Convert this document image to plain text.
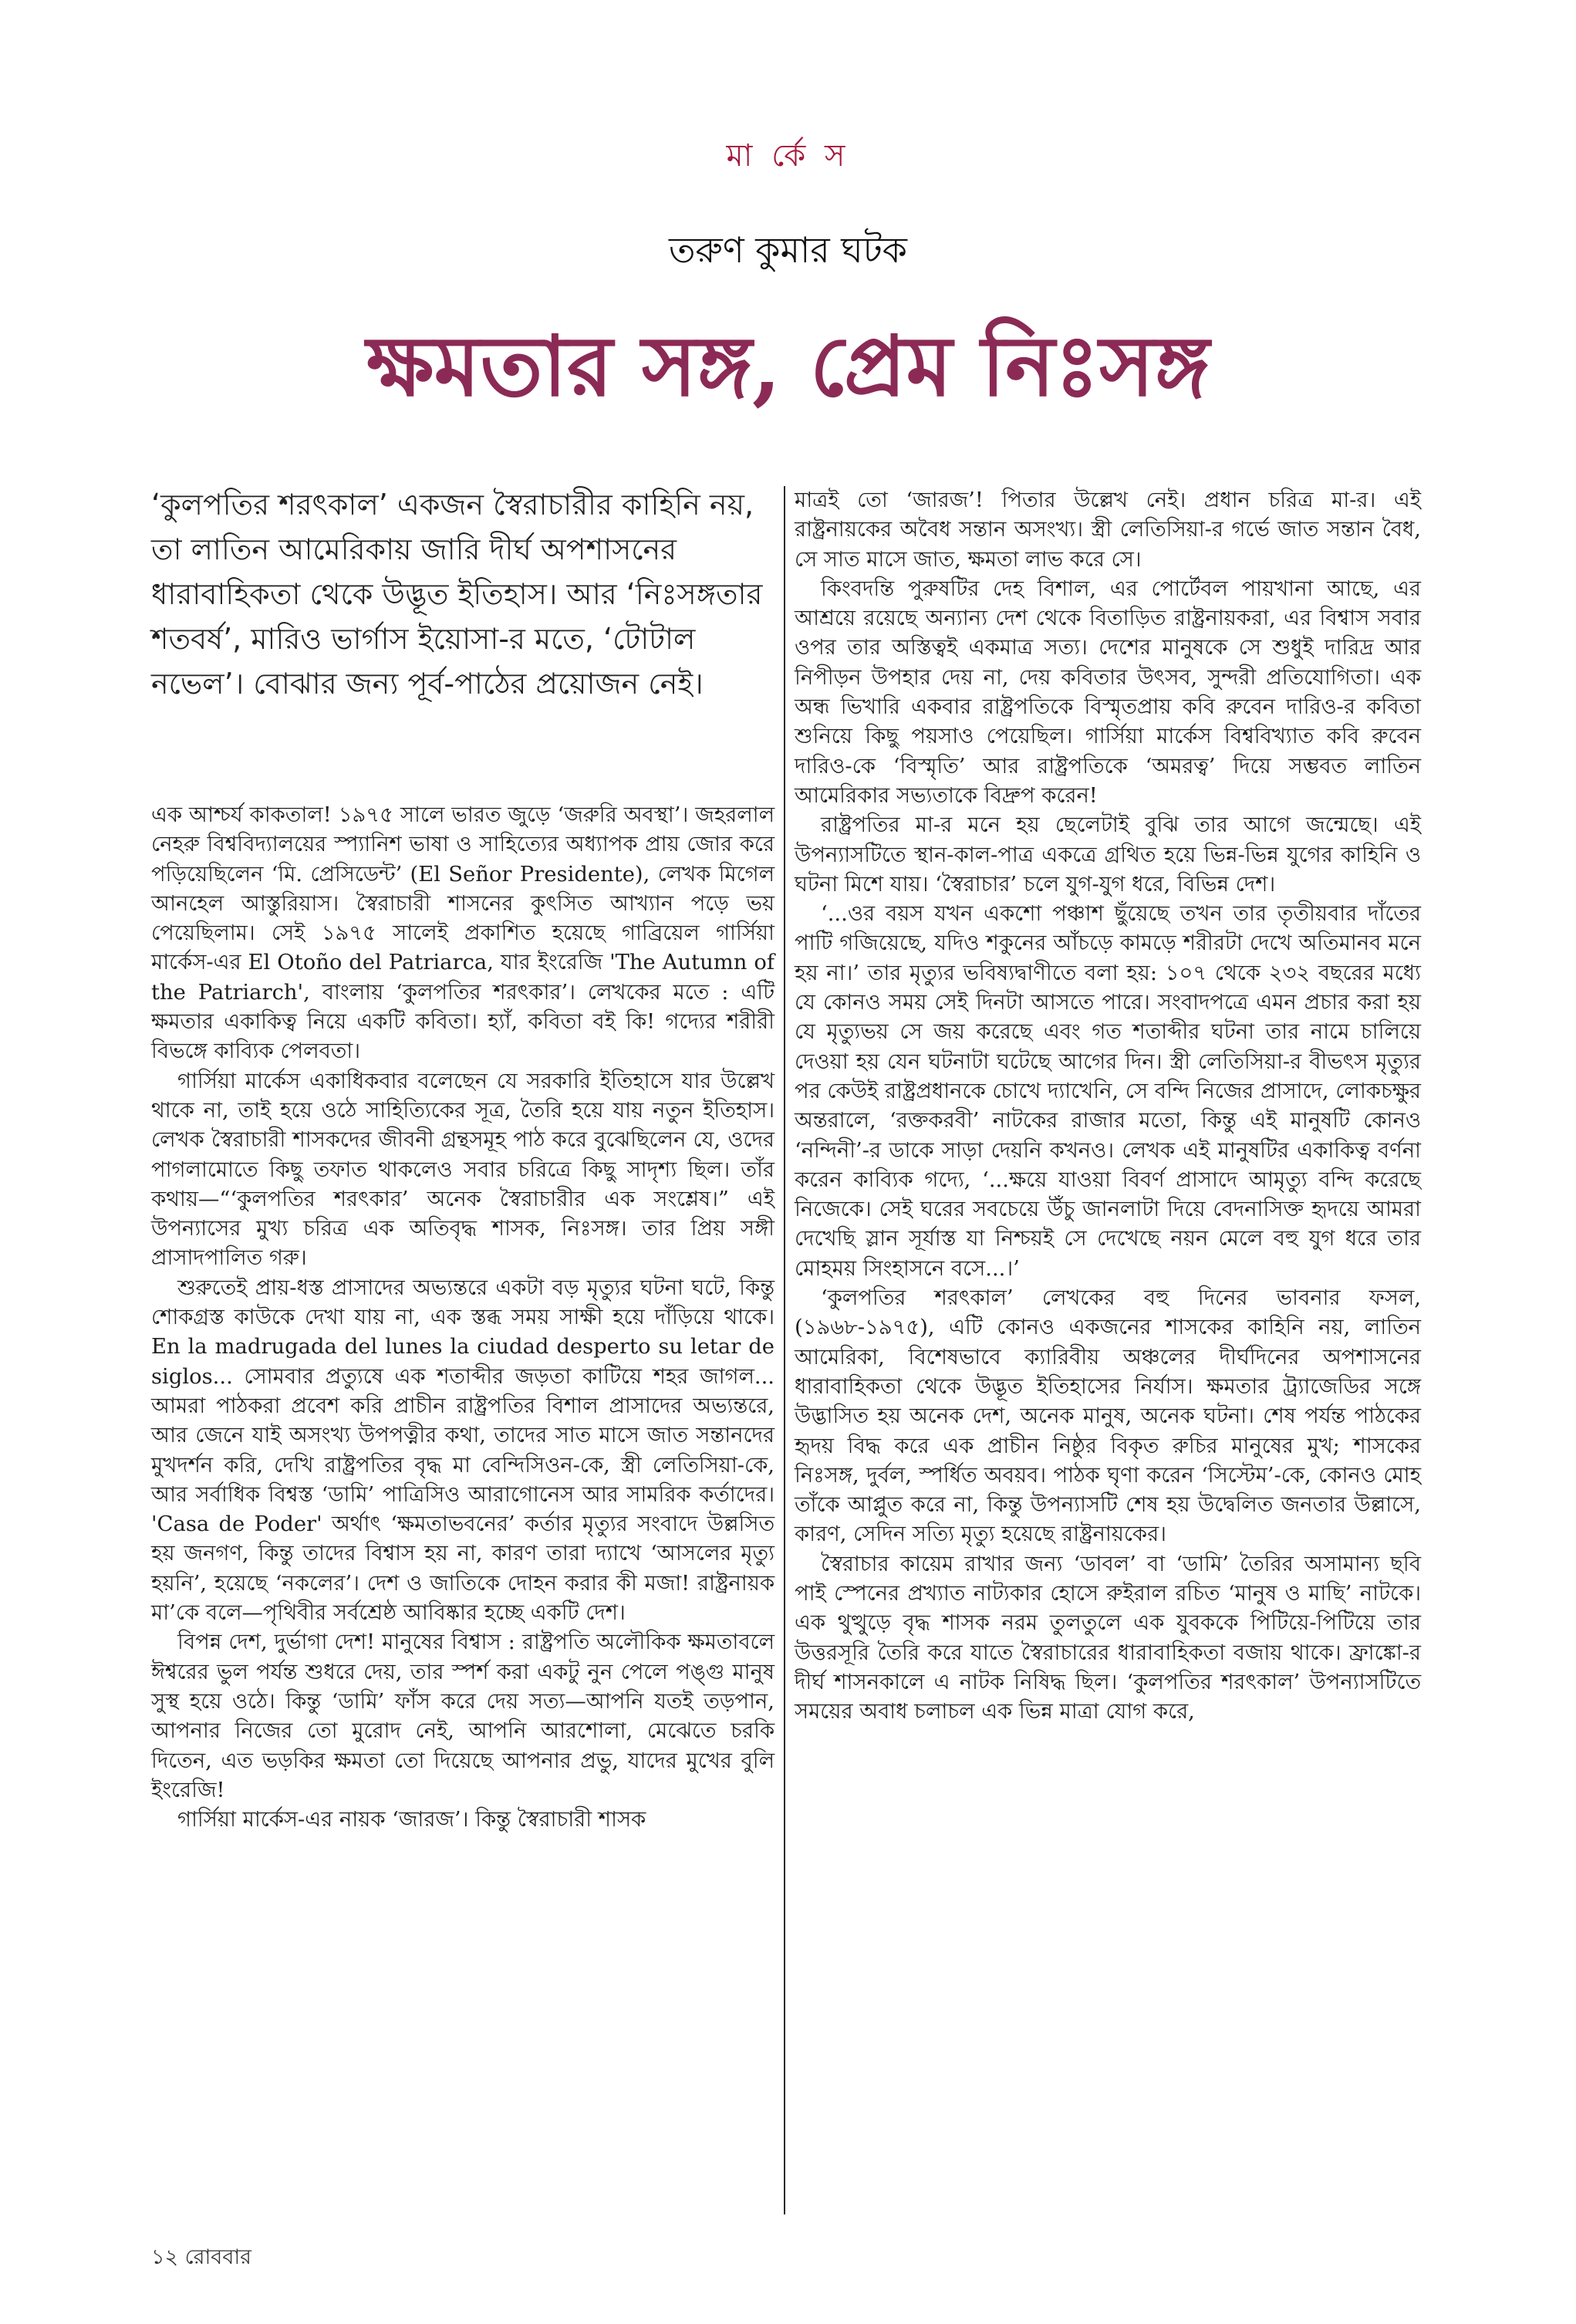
মা র্কে স
তরুণ কুমার ঘটক
ক্ষমতার সঙ্গ, প্রেম নিঃসঙ্গ
‘কুলপতির শরৎকাল’ একজন স্বৈরাচারীর কাহিনি নয়, তা লাতিন আমেরিকায় জারি দীর্ঘ অপশাসনের ধারাবাহিকতা থেকে উদ্ভূত ইতিহাস। আর ‘নিঃসঙ্গতার শতবর্ষ’, মারিও ভার্গাস ইয়োসা-র মতে, ‘টোটাল নভেল’। বোঝার জন্য পূর্ব-পাঠের প্রয়োজন নেই।

এক আশ্চর্য কাকতাল! ১৯৭৫ সালে ভারত জুড়ে ‘জরুরি অবস্থা’। জহরলাল নেহরু বিশ্ববিদ্যালয়ের স্প্যানিশ ভাষা ও সাহিত্যের অধ্যাপক প্রায় জোর করে পড়িয়েছিলেন ‘মি. প্রেসিডেন্ট’ (El Señor Presidente), লেখক মিগেল আনহেল আস্তুরিয়াস। স্বৈরাচারী শাসনের কুৎসিত আখ্যান পড়ে ভয় পেয়েছিলাম। সেই ১৯৭৫ সালেই প্রকাশিত হয়েছে গাব্রিয়েল গার্সিয়া মার্কেস-এর El Otoño del Patriarca, যার ইংরেজি 'The Autumn of the Patriarch', বাংলায় ‘কুলপতির শরৎকার’। লেখকের মতে : এটি ক্ষমতার একাকিত্ব নিয়ে একটি কবিতা। হ্যাঁ, কবিতা বই কি! গদ্যের শরীরী বিভঙ্গে কাব্যিক পেলবতা।

গার্সিয়া মার্কেস একাধিকবার বলেছেন যে সরকারি ইতিহাসে যার উল্লেখ থাকে না, তাই হয়ে ওঠে সাহিত্যিকের সূত্র, তৈরি হয়ে যায় নতুন ইতিহাস। লেখক স্বৈরাচারী শাসকদের জীবনী গ্রন্থসমূহ পাঠ করে বুঝেছিলেন যে, ওদের পাগলামোতে কিছু তফাত থাকলেও সবার চরিত্রে কিছু সাদৃশ্য ছিল। তাঁর কথায়—“‘কুলপতির শরৎকার’ অনেক স্বৈরাচারীর এক সংশ্লেষ।” এই উপন্যাসের মুখ্য চরিত্র এক অতিবৃদ্ধ শাসক, নিঃসঙ্গ। তার প্রিয় সঙ্গী প্রাসাদপালিত গরু।

শুরুতেই প্রায়-ধস্ত প্রাসাদের অভ্যন্তরে একটা বড় মৃত্যুর ঘটনা ঘটে, কিন্তু শোকগ্রস্ত কাউকে দেখা যায় না, এক স্তব্ধ সময় সাক্ষী হয়ে দাঁড়িয়ে থাকে। En la madrugada del lunes la ciudad desperto su letar de siglos... সোমবার প্রত্যুষে এক শতাব্দীর জড়তা কাটিয়ে শহর জাগল... আমরা পাঠকরা প্রবেশ করি প্রাচীন রাষ্ট্রপতির বিশাল প্রাসাদের অভ্যন্তরে, আর জেনে যাই অসংখ্য উপপত্নীর কথা, তাদের সাত মাসে জাত সন্তানদের মুখদর্শন করি, দেখি রাষ্ট্রপতির বৃদ্ধ মা বেন্দিসিওন-কে, স্ত্রী লেতিসিয়া-কে, আর সর্বাধিক বিশ্বস্ত ‘ডামি’ পাত্রিসিও আরাগোনেস আর সামরিক কর্তাদের। 'Casa de Poder' অর্থাৎ ‘ক্ষমতাভবনের’ কর্তার মৃত্যুর সংবাদে উল্লসিত হয় জনগণ, কিন্তু তাদের বিশ্বাস হয় না, কারণ তারা দ্যাখে ‘আসলের মৃত্যু হয়নি’, হয়েছে ‘নকলের’। দেশ ও জাতিকে দোহন করার কী মজা! রাষ্ট্রনায়ক মা’কে বলে—পৃথিবীর সর্বশ্রেষ্ঠ আবিষ্কার হচ্ছে একটি দেশ।

বিপন্ন দেশ, দুর্ভাগা দেশ! মানুষের বিশ্বাস : রাষ্ট্রপতি অলৌকিক ক্ষমতাবলে ঈশ্বরের ভুল পর্যন্ত শুধরে দেয়, তার স্পর্শ করা একটু নুন পেলে পঙ্গু মানুষ সুস্থ হয়ে ওঠে। কিন্তু ‘ডামি’ ফাঁস করে দেয় সত্য—আপনি যতই তড়পান, আপনার নিজের তো মুরোদ নেই, আপনি আরশোলা, মেঝেতে চরকি দিতেন, এত ভড়কির ক্ষমতা তো দিয়েছে আপনার প্রভু, যাদের মুখের বুলি ইংরেজি!

গার্সিয়া মার্কেস-এর নায়ক ‘জারজ’। কিন্তু স্বৈরাচারী শাসক

মাত্রই তো ‘জারজ’! পিতার উল্লেখ নেই। প্রধান চরিত্র মা-র। এই রাষ্ট্রনায়কের অবৈধ সন্তান অসংখ্য। স্ত্রী লেতিসিয়া-র গর্ভে জাত সন্তান বৈধ, সে সাত মাসে জাত, ক্ষমতা লাভ করে সে।

কিংবদন্তি পুরুষটির দেহ বিশাল, এর পোর্টেবল পায়খানা আছে, এর আশ্রয়ে রয়েছে অন্যান্য দেশ থেকে বিতাড়িত রাষ্ট্রনায়করা, এর বিশ্বাস সবার ওপর তার অস্তিত্বই একমাত্র সত্য। দেশের মানুষকে সে শুধুই দারিদ্র আর নিপীড়ন উপহার দেয় না, দেয় কবিতার উৎসব, সুন্দরী প্রতিযোগিতা। এক অন্ধ ভিখারি একবার রাষ্ট্রপতিকে বিস্মৃতপ্রায় কবি রুবেন দারিও-র কবিতা শুনিয়ে কিছু পয়সাও পেয়েছিল। গার্সিয়া মার্কেস বিশ্ববিখ্যাত কবি রুবেন দারিও-কে ‘বিস্মৃতি’ আর রাষ্ট্রপতিকে ‘অমরত্ব’ দিয়ে সম্ভবত লাতিন আমেরিকার সভ্যতাকে বিদ্রুপ করেন!

রাষ্ট্রপতির মা-র মনে হয় ছেলেটাই বুঝি তার আগে জন্মেছে। এই উপন্যাসটিতে স্থান-কাল-পাত্র একত্রে গ্রথিত হয়ে ভিন্ন-ভিন্ন যুগের কাহিনি ও ঘটনা মিশে যায়। ‘স্বৈরাচার’ চলে যুগ-যুগ ধরে, বিভিন্ন দেশ।

‘...ওর বয়স যখন একশো পঞ্চাশ ছুঁয়েছে তখন তার তৃতীয়বার দাঁতের পাটি গজিয়েছে, যদিও শকুনের আঁচড়ে কামড়ে শরীরটা দেখে অতিমানব মনে হয় না।’ তার মৃত্যুর ভবিষ্যদ্বাণীতে বলা হয়: ১০৭ থেকে ২৩২ বছরের মধ্যে যে কোনও সময় সেই দিনটা আসতে পারে। সংবাদপত্রে এমন প্রচার করা হয় যে মৃত্যুভয় সে জয় করেছে এবং গত শতাব্দীর ঘটনা তার নামে চালিয়ে দেওয়া হয় যেন ঘটনাটা ঘটেছে আগের দিন। স্ত্রী লেতিসিয়া-র বীভৎস মৃত্যুর পর কেউই রাষ্ট্রপ্রধানকে চোখে দ্যাখেনি, সে বন্দি নিজের প্রাসাদে, লোকচক্ষুর অন্তরালে, ‘রক্তকরবী’ নাটকের রাজার মতো, কিন্তু এই মানুষটি কোনও ‘নন্দিনী’-র ডাকে সাড়া দেয়নি কখনও। লেখক এই মানুষটির একাকিত্ব বর্ণনা করেন কাব্যিক গদ্যে, ‘...ক্ষয়ে যাওয়া বিবর্ণ প্রাসাদে আমৃত্যু বন্দি করেছে নিজেকে। সেই ঘরের সবচেয়ে উঁচু জানলাটা দিয়ে বেদনাসিক্ত হৃদয়ে আমরা দেখেছি স্লান সূর্যাস্ত যা নিশ্চয়ই সে দেখেছে নয়ন মেলে বহু যুগ ধরে তার মোহময় সিংহাসনে বসে...।’

‘কুলপতির শরৎকাল’ লেখকের বহু দিনের ভাবনার ফসল, (১৯৬৮-১৯৭৫), এটি কোনও একজনের শাসকের কাহিনি নয়, লাতিন আমেরিকা, বিশেষভাবে ক্যারিবীয় অঞ্চলের দীর্ঘদিনের অপশাসনের ধারাবাহিকতা থেকে উদ্ভূত ইতিহাসের নির্যাস। ক্ষমতার ট্র্যাজেডির সঙ্গে উদ্ভাসিত হয় অনেক দেশ, অনেক মানুষ, অনেক ঘটনা। শেষ পর্যন্ত পাঠকের হৃদয় বিদ্ধ করে এক প্রাচীন নিষ্ঠুর বিকৃত রুচির মানুষের মুখ; শাসকের নিঃসঙ্গ, দুর্বল, স্পর্ধিত অবয়ব। পাঠক ঘৃণা করেন ‘সিস্টেম’-কে, কোনও মোহ তাঁকে আপ্লুত করে না, কিন্তু উপন্যাসটি শেষ হয় উদ্বেলিত জনতার উল্লাসে, কারণ, সেদিন সত্যি মৃত্যু হয়েছে রাষ্ট্রনায়কের।

স্বৈরাচার কায়েম রাখার জন্য ‘ডাবল’ বা ‘ডামি’ তৈরির অসামান্য ছবি পাই স্পেনের প্রখ্যাত নাট্যকার হোসে রুইরাল রচিত ‘মানুষ ও মাছি’ নাটকে। এক থুত্থুড়ে বৃদ্ধ শাসক নরম তুলতুলে এক যুবককে পিটিয়ে-পিটিয়ে তার উত্তরসূরি তৈরি করে যাতে স্বৈরাচারের ধারাবাহিকতা বজায় থাকে। ফ্রাঙ্কো-র দীর্ঘ শাসনকালে এ নাটক নিষিদ্ধ ছিল। ‘কুলপতির শরৎকাল’ উপন্যাসটিতে সময়ের অবাধ চলাচল এক ভিন্ন মাত্রা যোগ করে,

১২ রোববার
